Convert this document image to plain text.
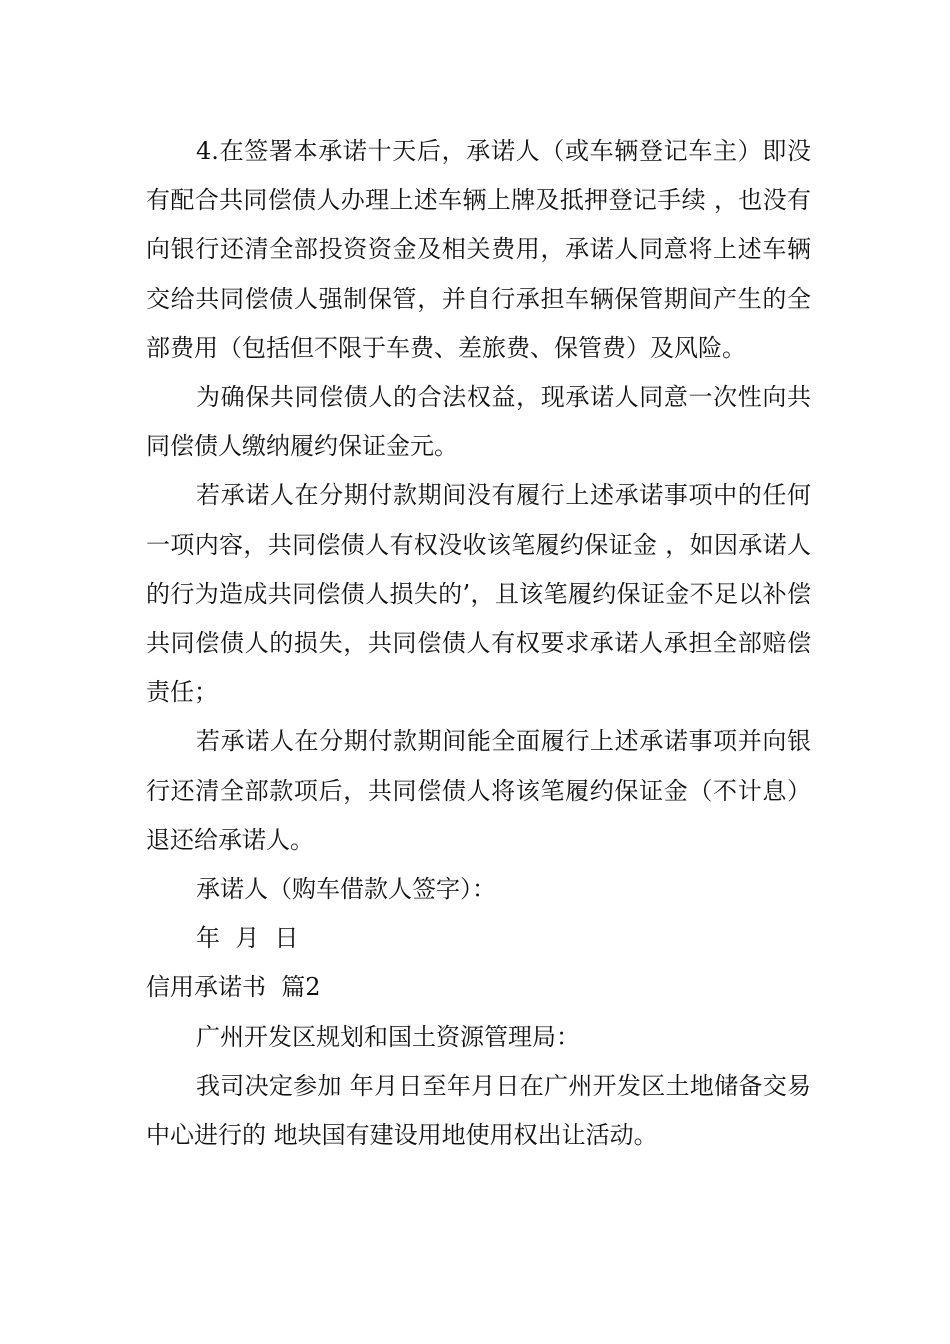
4.在签署本承诺十天后，承诺人（或车辆登记车主）即没有配合共同偿债人办理上述车辆上牌及抵押登记手续 ，也没有向银行还清全部投资资金及相关费用，承诺人同意将上述车辆交给共同偿债人强制保管，并自行承担车辆保管期间产生的全部费用（包括但不限于车费、差旅费、保管费）及风险。

为确保共同偿债人的合法权益，现承诺人同意一次性向共同偿债人缴纳履约保证金元。

若承诺人在分期付款期间没有履行上述承诺事项中的任何一项内容，共同偿债人有权没收该笔履约保证金 ，如因承诺人的行为造成共同偿债人损失的’，且该笔履约保证金不足以补偿共同偿债人的损失，共同偿债人有权要求承诺人承担全部赔偿责任；

若承诺人在分期付款期间能全面履行上述承诺事项并向银行还清全部款项后，共同偿债人将该笔履约保证金（不计息）退还给承诺人。

承诺人（购车借款人签字）：

年  月  日

信用承诺书  篇2

广州开发区规划和国土资源管理局：

我司决定参加 年月日至年月日在广州开发区土地储备交易中心进行的 地块国有建设用地使用权出让活动。
